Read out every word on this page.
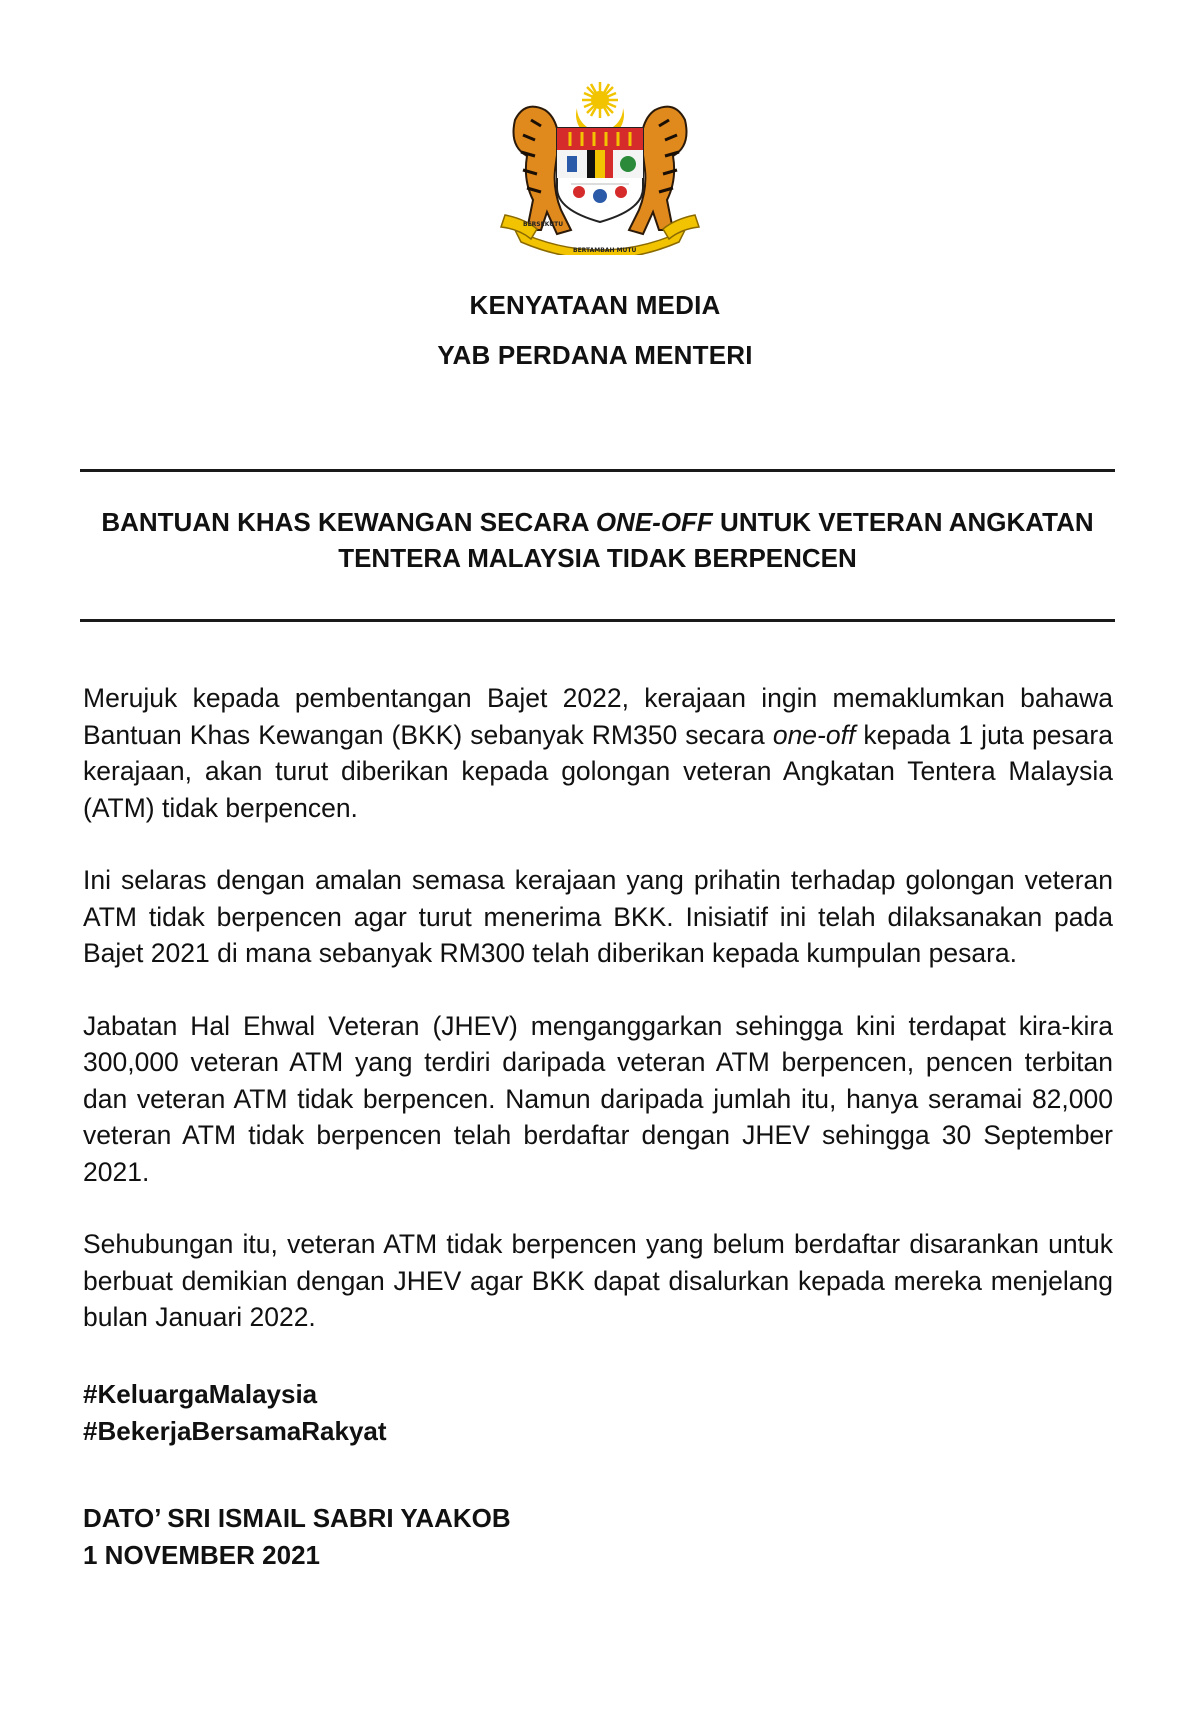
BERSEKUTU
BERTAMBAH MUTU
KENYATAAN MEDIA
YAB PERDANA MENTERI
BANTUAN KHAS KEWANGAN SECARA ONE-OFF UNTUK VETERAN ANGKATAN TENTERA MALAYSIA TIDAK BERPENCEN

Merujuk kepada pembentangan Bajet 2022, kerajaan ingin memaklumkan bahawa Bantuan Khas Kewangan (BKK) sebanyak RM350 secara one-off kepada 1 juta pesara kerajaan, akan turut diberikan kepada golongan veteran Angkatan Tentera Malaysia (ATM) tidak berpencen.

Ini selaras dengan amalan semasa kerajaan yang prihatin terhadap golongan veteran ATM tidak berpencen agar turut menerima BKK. Inisiatif ini telah dilaksanakan pada Bajet 2021 di mana sebanyak RM300 telah diberikan kepada kumpulan pesara.

Jabatan Hal Ehwal Veteran (JHEV) menganggarkan sehingga kini terdapat kira-kira 300,000 veteran ATM yang terdiri daripada veteran ATM berpencen, pencen terbitan dan veteran ATM tidak berpencen. Namun daripada jumlah itu, hanya seramai 82,000 veteran ATM tidak berpencen telah berdaftar dengan JHEV sehingga 30 September 2021.

Sehubungan itu, veteran ATM tidak berpencen yang belum berdaftar disarankan untuk berbuat demikian dengan JHEV agar BKK dapat disalurkan kepada mereka menjelang bulan Januari 2022.

#KeluargaMalaysia
#BekerjaBersamaRakyat
DATO’ SRI ISMAIL SABRI YAAKOB
1 NOVEMBER 2021
